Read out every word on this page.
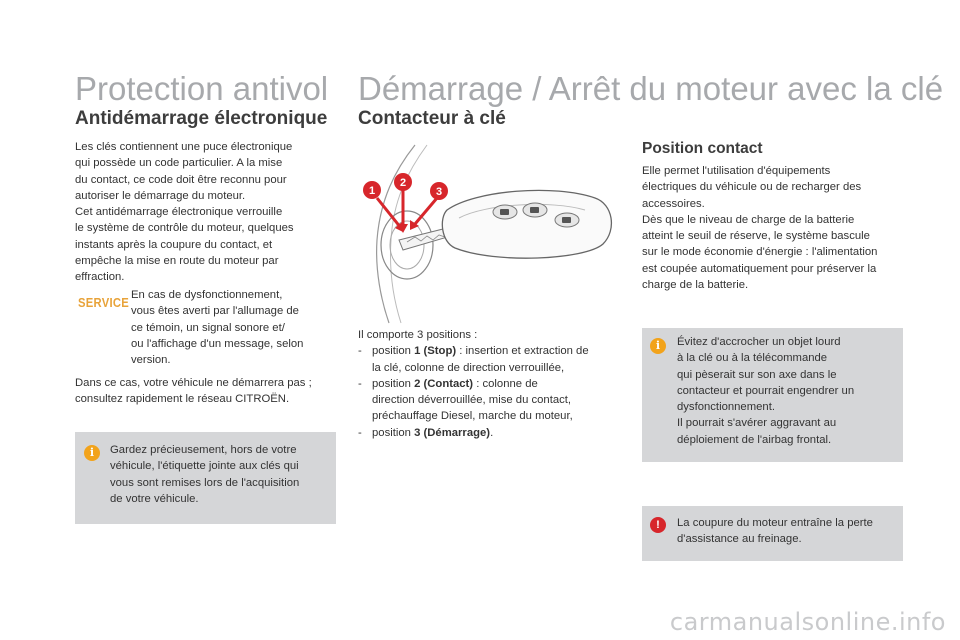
Protection antivol
Antidémarrage électronique

Les clés contiennent une puce électronique

qui possède un code particulier. A la mise

du contact, ce code doit être reconnu pour

autoriser le démarrage du moteur.

Cet antidémarrage électronique verrouille

le système de contrôle du moteur, quelques

instants après la coupure du contact, et

empêche la mise en route du moteur par

effraction.

SERVICE

En cas de dysfonctionnement,

vous êtes averti par l'allumage de

ce témoin, un signal sonore et/

ou l'affichage d'un message, selon

version.

Dans ce cas, votre véhicule ne démarrera pas ;

consultez rapidement le réseau CITROËN.

i	Gardez précieusement, hors de votre

véhicule, l'étiquette jointe aux clés qui

vous sont remises lors de l'acquisition

de votre véhicule.

Démarrage / Arrêt du moteur avec la clé
Contacteur à clé
1
2
3

Il comporte 3 positions :

- position 1 (Stop) : insertion et extraction de
la clé, colonne de direction verrouillée,
- position 2 (Contact) : colonne de
direction déverrouillée, mise du contact,
préchauffage Diesel, marche du moteur,
- position 3 (Démarrage).
Position contact

Elle permet l'utilisation d'équipements

électriques du véhicule ou de recharger des

accessoires.

Dès que le niveau de charge de la batterie

atteint le seuil de réserve, le système bascule

sur le mode économie d'énergie : l'alimentation

est coupée automatiquement pour préserver la

charge de la batterie.

i	Évitez d'accrocher un objet lourd

à la clé ou à la télécommande

qui pèserait sur son axe dans le

contacteur et pourrait engendrer un

dysfonctionnement.

Il pourrait s'avérer aggravant au

déploiement de l'airbag frontal.

!	La coupure du moteur entraîne la perte

d'assistance au freinage.

carmanualsonline.info
